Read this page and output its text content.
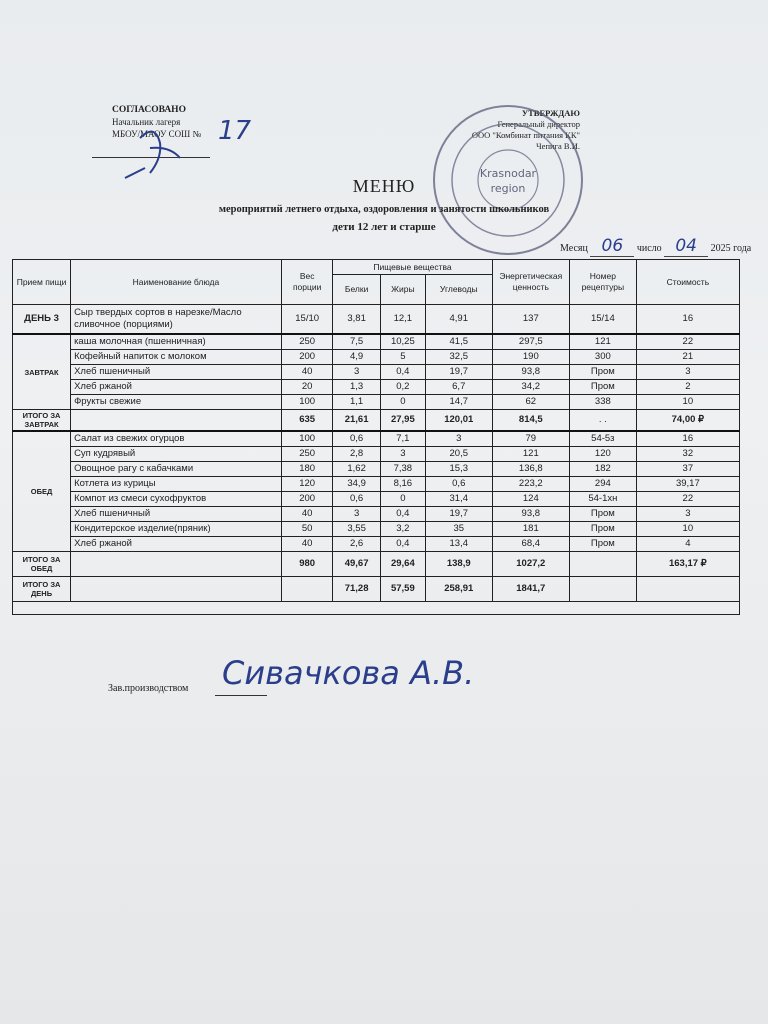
СОГЛАСОВАНО
Начальник лагеря
МБОУ/МАОУ СОШ № 17
УТВЕРЖДАЮ
Генеральный директор
ООО "Комбинат питания КК"
Чепига В.И.
Krasnodar
region
МЕНЮ
мероприятий летнего отдыха, оздоровления и занятости школьников
дети 12 лет и старше
Месяц 06 число 04 2025 года
Прием пищи	Наименование блюда	Вес порции	Пищевые вещества			Энергетическая ценность	Номер рецептуры	Стоимость
			Белки	Жиры	Углеводы			
ДЕНЬ 3	Сыр твердых сортов в нарезке/Масло сливочное (порциями)	15/10	3,81	12,1	4,91	137	15/14	16
ЗАВТРАК	каша молочная (пшенничная)	250	7,5	10,25	41,5	297,5	121	22
	Кофейный напиток с молоком	200	4,9	5	32,5	190	300	21
	Хлеб пшеничный	40	3	0,4	19,7	93,8	Пром	3
	Хлеб ржаной	20	1,3	0,2	6,7	34,2	Пром	2
	Фрукты свежие	100	1,1	0	14,7	62	338	10
ИТОГО ЗА ЗАВТРАК		635	21,61	27,95	120,01	814,5	. .	74,00 ₽
ОБЕД	Салат из свежих огурцов	100	0,6	7,1	3	79	54-5з	16
	Суп кудрявый	250	2,8	3	20,5	121	120	32
	Овощное рагу с кабачками	180	1,62	7,38	15,3	136,8	182	37
	Котлета из курицы	120	34,9	8,16	0,6	223,2	294	39,17
	Компот из смеси сухофруктов	200	0,6	0	31,4	124	54-1хн	22
	Хлеб пшеничный	40	3	0,4	19,7	93,8	Пром	3
	Кондитерское изделие(пряник)	50	3,55	3,2	35	181	Пром	10
	Хлеб ржаной	40	2,6	0,4	13,4	68,4	Пром	4
ИТОГО ЗА ОБЕД		980	49,67	29,64	138,9	1027,2		163,17 ₽
ИТОГО ЗА ДЕНЬ			71,28	57,59	258,91	1841,7		

Зав.производством Сивачкова А.В.
